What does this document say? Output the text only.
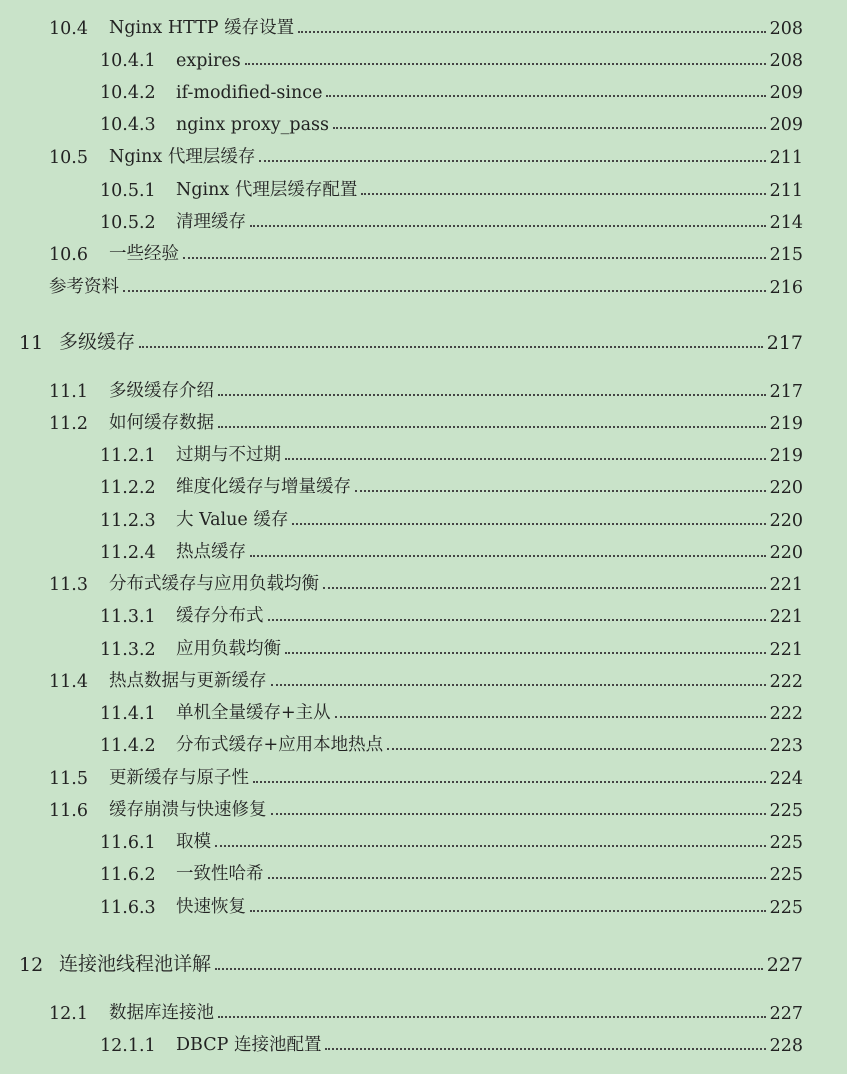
10.4	Nginx HTTP 缓存设置	208
10.4.1	expires	208
10.4.2	if-modified-since	209
10.4.3	nginx proxy_pass	209
10.5	Nginx 代理层缓存	211
10.5.1	Nginx 代理层缓存配置	211
10.5.2	清理缓存	214
10.6	一些经验	215
参考资料	216
11 多级缓存	217
11.1	多级缓存介绍	217
11.2	如何缓存数据	219
11.2.1	过期与不过期	219
11.2.2	维度化缓存与增量缓存	220
11.2.3	大 Value 缓存	220
11.2.4	热点缓存	220
11.3	分布式缓存与应用负载均衡	221
11.3.1	缓存分布式	221
11.3.2	应用负载均衡	221
11.4	热点数据与更新缓存	222
11.4.1	单机全量缓存+主从	222
11.4.2	分布式缓存+应用本地热点	223
11.5	更新缓存与原子性	224
11.6	缓存崩溃与快速修复	225
11.6.1	取模	225
11.6.2	一致性哈希	225
11.6.3	快速恢复	225
12 连接池线程池详解	227
12.1	数据库连接池	227
12.1.1	DBCP 连接池配置	228
